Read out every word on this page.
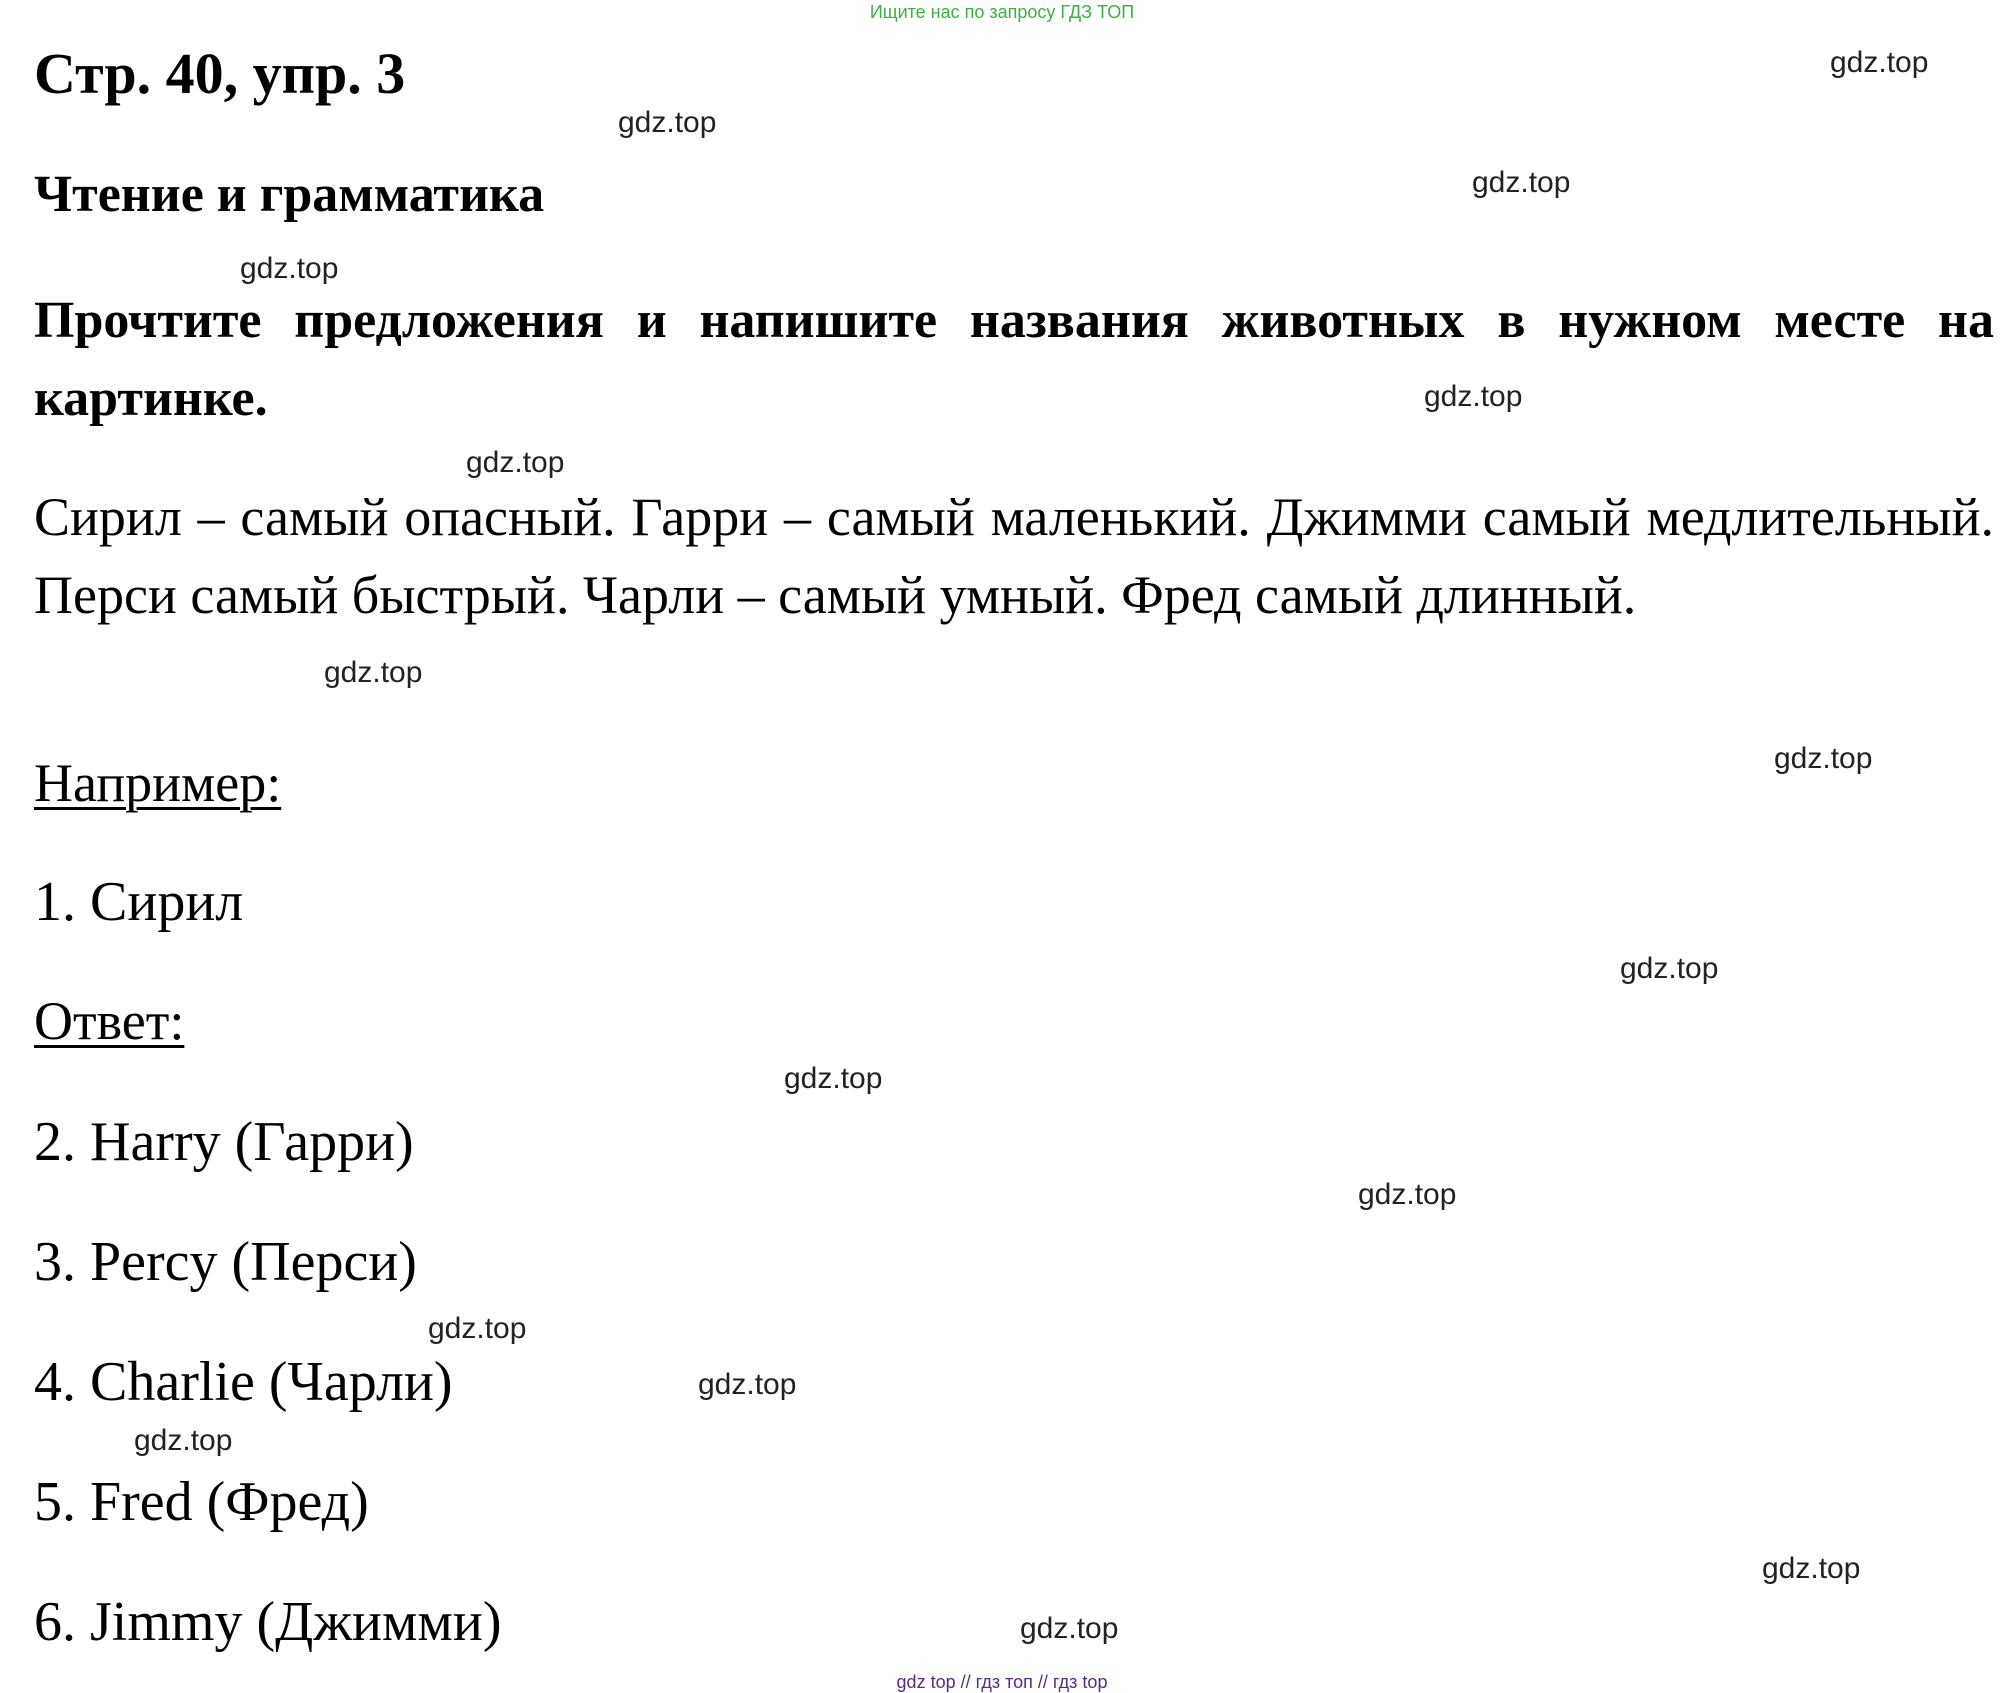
Ищите нас по запросу ГДЗ ТОП
Стр. 40, упр. 3
Чтение и грамматика
Прочтите предложения и напишите названия животных в нужном месте на картинке.
Сирил – самый опасный. Гарри – самый маленький. Джимми самый медлительный. Перси самый быстрый. Чарли – самый умный. Фред самый длинный.
Например:
1. Сирил
Ответ:
2. Harry (Гарри)
3. Percy (Перси)
4. Charlie (Чарли)
5. Fred (Фред)
6. Jimmy (Джимми)
gdz.top
gdz.top
gdz.top
gdz.top
gdz.top
gdz.top
gdz.top
gdz.top
gdz.top
gdz.top
gdz.top
gdz.top
gdz.top
gdz.top
gdz.top
gdz.top
gdz top // гдз топ // гдз top
